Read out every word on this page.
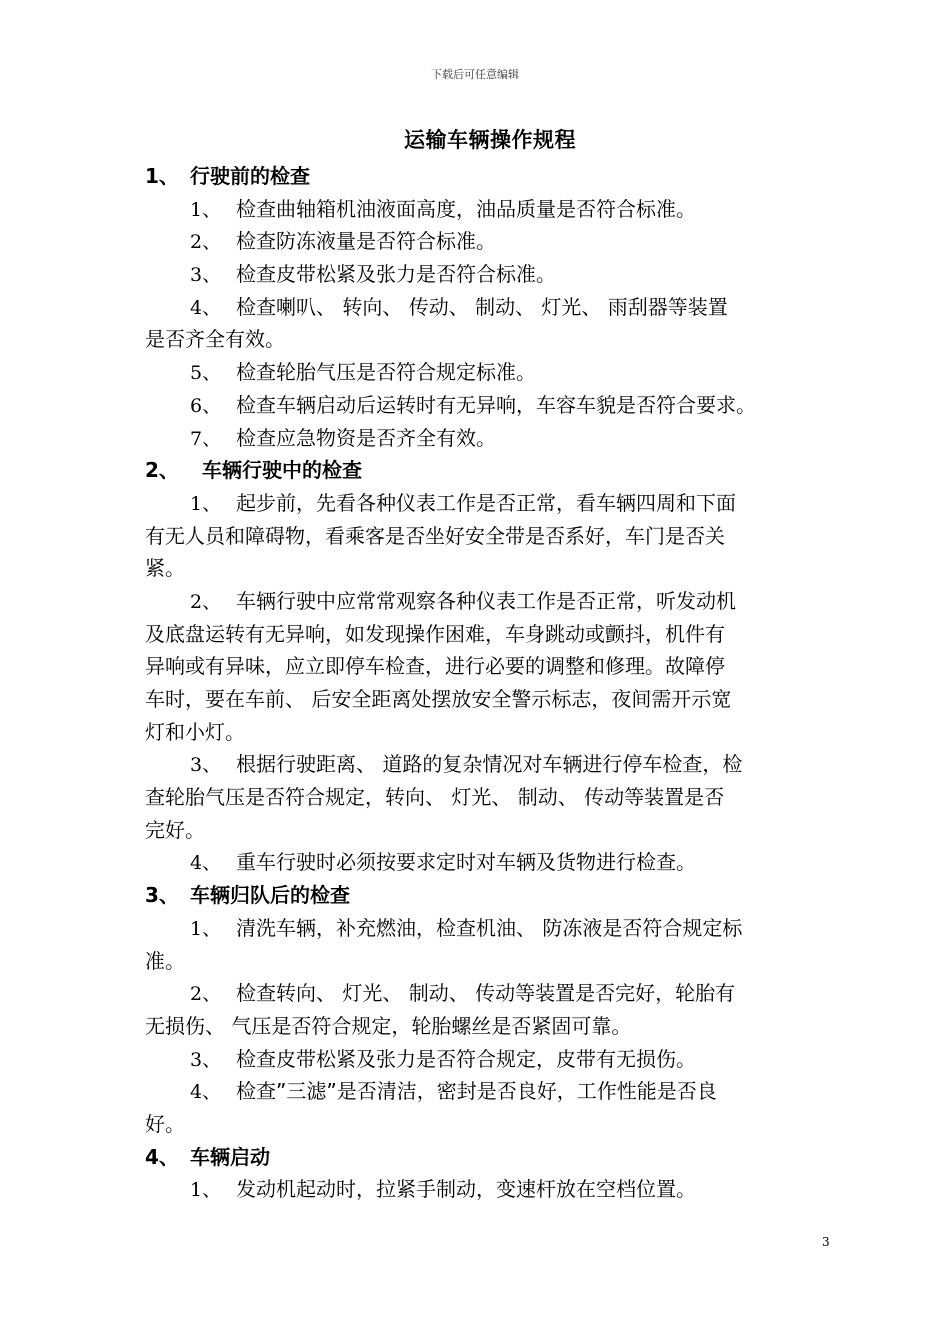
下载后可任意编辑
运输车辆操作规程
1、 行驶前的检查
1、 检查曲轴箱机油液面高度，油品质量是否符合标准。
2、 检查防冻液量是否符合标准。
3、 检查皮带松紧及张力是否符合标准。
4、 检查喇叭、 转向、 传动、 制动、 灯光、 雨刮器等装置
是否齐全有效。
5、 检查轮胎气压是否符合规定标准。
6、 检查车辆启动后运转时有无异响，车容车貌是否符合要求。
7、 检查应急物资是否齐全有效。
2、 车辆行驶中的检查
1、 起步前，先看各种仪表工作是否正常，看车辆四周和下面
有无人员和障碍物，看乘客是否坐好安全带是否系好，车门是否关
紧。
2、 车辆行驶中应常常观察各种仪表工作是否正常，听发动机
及底盘运转有无异响，如发现操作困难，车身跳动或颤抖，机件有
异响或有异味，应立即停车检查，进行必要的调整和修理。故障停
车时，要在车前、 后安全距离处摆放安全警示标志，夜间需开示宽
灯和小灯。
3、 根据行驶距离、 道路的复杂情况对车辆进行停车检查，检
查轮胎气压是否符合规定，转向、 灯光、 制动、 传动等装置是否
完好。
4、 重车行驶时必须按要求定时对车辆及货物进行检查。
3、 车辆归队后的检查
1、 清洗车辆，补充燃油，检查机油、 防冻液是否符合规定标
准。
2、 检查转向、 灯光、 制动、 传动等装置是否完好，轮胎有
无损伤、 气压是否符合规定，轮胎螺丝是否紧固可靠。
3、 检查皮带松紧及张力是否符合规定，皮带有无损伤。
4、 检查”三滤”是否清洁，密封是否良好，工作性能是否良
好。
4、 车辆启动
1、 发动机起动时，拉紧手制动，变速杆放在空档位置。
3
